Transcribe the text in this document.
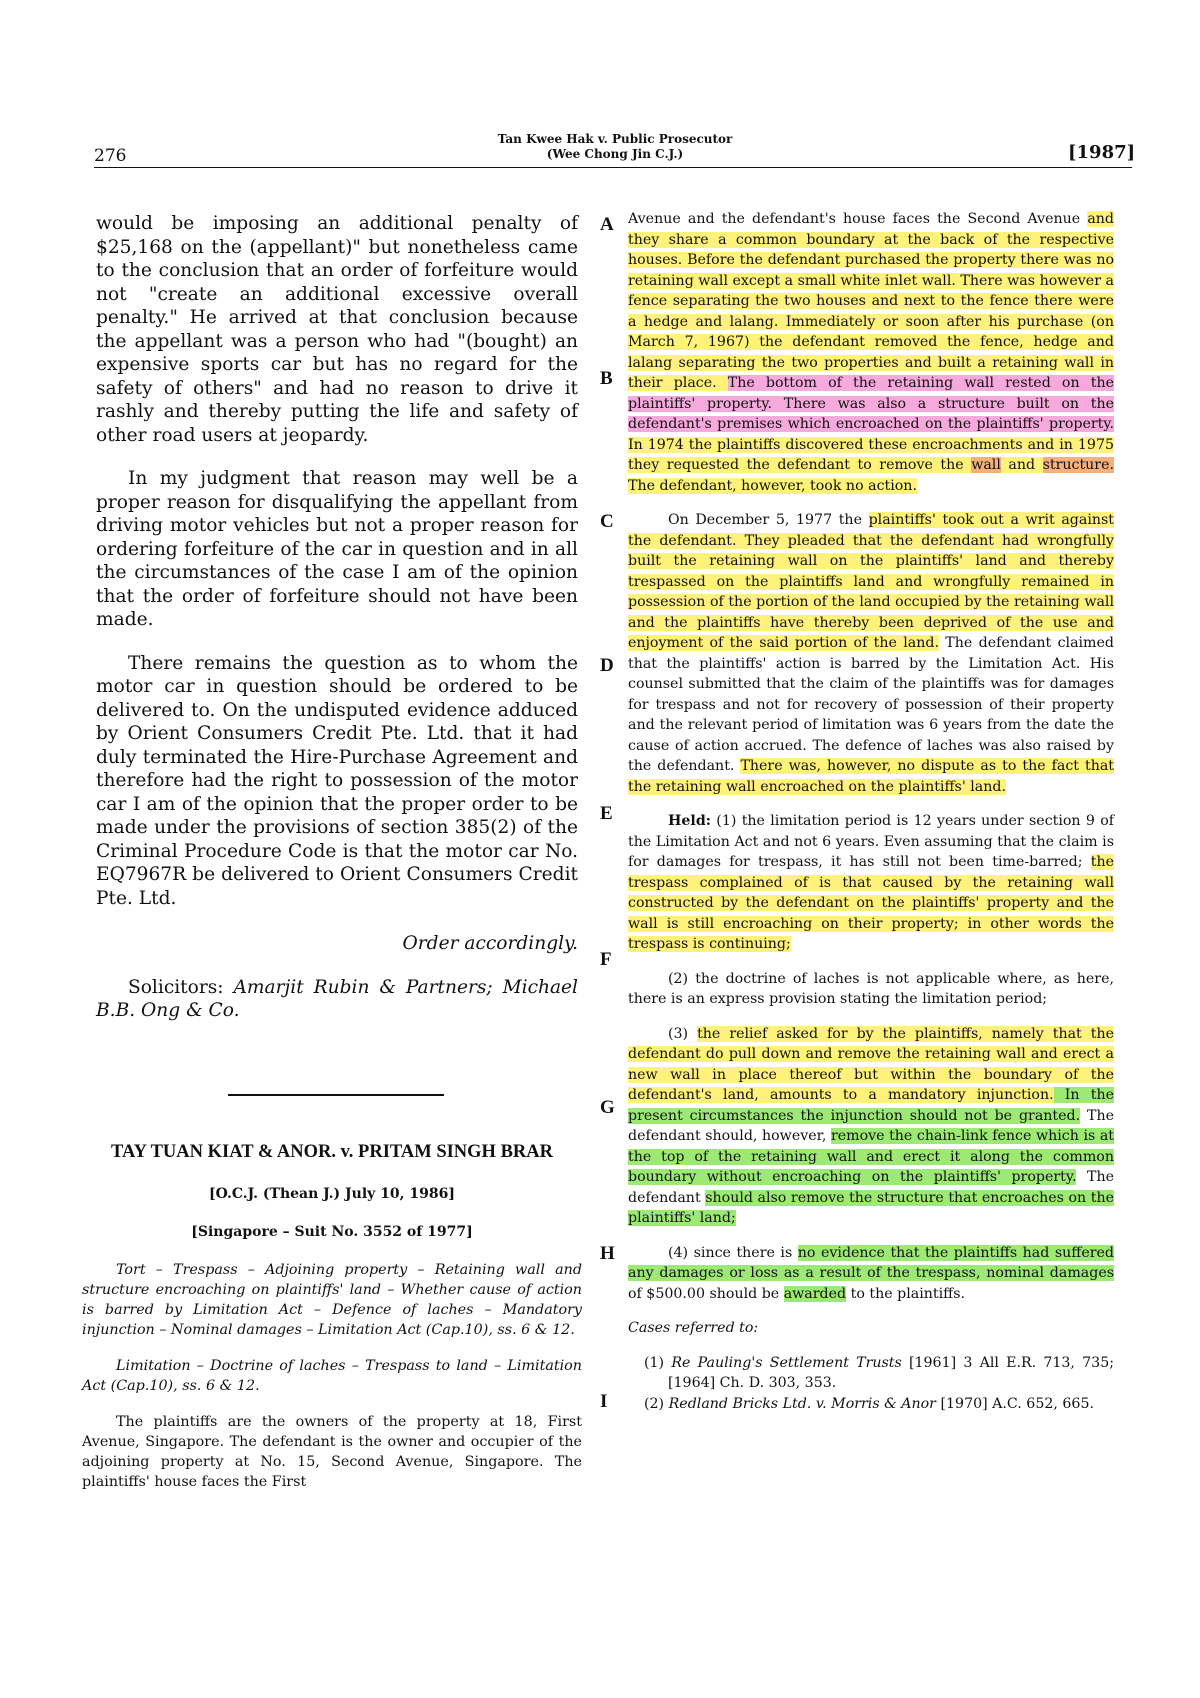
276
Tan Kwee Hak v. Public Prosecutor
(Wee Chong Jin C.J.)	[1987]

would be imposing an additional penalty of $25,168 on the (appellant)" but nonetheless came to the conclusion that an order of forfeiture would not "create an additional excessive overall penalty." He arrived at that conclusion because the appellant was a person who had "(bought) an expensive sports car but has no regard for the safety of others" and had no reason to drive it rashly and thereby putting the life and safety of other road users at jeopardy.

In my judgment that reason may well be a proper reason for disqualifying the appellant from driving motor vehicles but not a proper reason for ordering forfeiture of the car in question and in all the circumstances of the case I am of the opinion that the order of forfeiture should not have been made.

There remains the question as to whom the motor car in question should be ordered to be delivered to. On the undisputed evidence adduced by Orient Consumers Credit Pte. Ltd. that it had duly terminated the Hire-Purchase Agreement and therefore had the right to possession of the motor car I am of the opinion that the proper order to be made under the provisions of section 385(2) of the Criminal Procedure Code is that the motor car No. EQ7967R be delivered to Orient Consumers Credit Pte. Ltd.

Order accordingly.

Solicitors: Amarjit Rubin & Partners; Michael B.B. Ong & Co.

TAY TUAN KIAT & ANOR. v. PRITAM SINGH BRAR
[O.C.J. (Thean J.) July 10, 1986]
[Singapore – Suit No. 3552 of 1977]

Tort – Trespass – Adjoining property – Retaining wall and structure encroaching on plaintiffs' land – Whether cause of action is barred by Limitation Act – Defence of laches – Mandatory injunction – Nominal damages – Limitation Act (Cap.10), ss. 6 & 12.

Limitation – Doctrine of laches – Trespass to land – Limitation Act (Cap.10), ss. 6 & 12.

The plaintiffs are the owners of the property at 18, First Avenue, Singapore. The defendant is the owner and occupier of the adjoining property at No. 15, Second Avenue, Singapore. The plaintiffs' house faces the First

Avenue and the defendant's house faces the Second Avenue and they share a common boundary at the back of the respective houses. Before the defendant purchased the property there was no retaining wall except a small white inlet wall. There was however a fence separating the two houses and next to the fence there were a hedge and lalang. Immediately or soon after his purchase (on March 7, 1967) the defendant removed the fence, hedge and lalang separating the two properties and built a retaining wall in their place. The bottom of the retaining wall rested on the plaintiffs' property. There was also a structure built on the defendant's premises which encroached on the plaintiffs' property. In 1974 the plaintiffs discovered these encroachments and in 1975 they requested the defendant to remove the wall and structure. The defendant, however, took no action.

On December 5, 1977 the plaintiffs' took out a writ against the defendant. They pleaded that the defendant had wrongfully built the retaining wall on the plaintiffs' land and thereby trespassed on the plaintiffs land and wrongfully remained in possession of the portion of the land occupied by the retaining wall and the plaintiffs have thereby been deprived of the use and enjoyment of the said portion of the land. The defendant claimed that the plaintiffs' action is barred by the Limitation Act. His counsel submitted that the claim of the plaintiffs was for damages for trespass and not for recovery of possession of their property and the relevant period of limitation was 6 years from the date the cause of action accrued. The defence of laches was also raised by the defendant. There was, however, no dispute as to the fact that the retaining wall encroached on the plaintiffs' land.

Held: (1) the limitation period is 12 years under section 9 of the Limitation Act and not 6 years. Even assuming that the claim is for damages for trespass, it has still not been time-barred; the trespass complained of is that caused by the retaining wall constructed by the defendant on the plaintiffs' property and the wall is still encroaching on their property; in other words the trespass is continuing;

(2) the doctrine of laches is not applicable where, as here, there is an express provision stating the limitation period;

(3) the relief asked for by the plaintiffs, namely that the defendant do pull down and remove the retaining wall and erect a new wall in place thereof but within the boundary of the defendant's land, amounts to a mandatory injunction. In the present circumstances the injunction should not be granted. The defendant should, however, remove the chain-link fence which is at the top of the retaining wall and erect it along the common boundary without encroaching on the plaintiffs' property. The defendant should also remove the structure that encroaches on the plaintiffs' land;

(4) since there is no evidence that the plaintiffs had suffered any damages or loss as a result of the trespass, nominal damages of $500.00 should be awarded to the plaintiffs.

Cases referred to:

(1) Re Pauling's Settlement Trusts [1961] 3 All E.R. 713, 735; [1964] Ch. D. 303, 353.

(2) Redland Bricks Ltd. v. Morris & Anor [1970] A.C. 652, 665.

A
B
C
D
E
F
G
H
I
